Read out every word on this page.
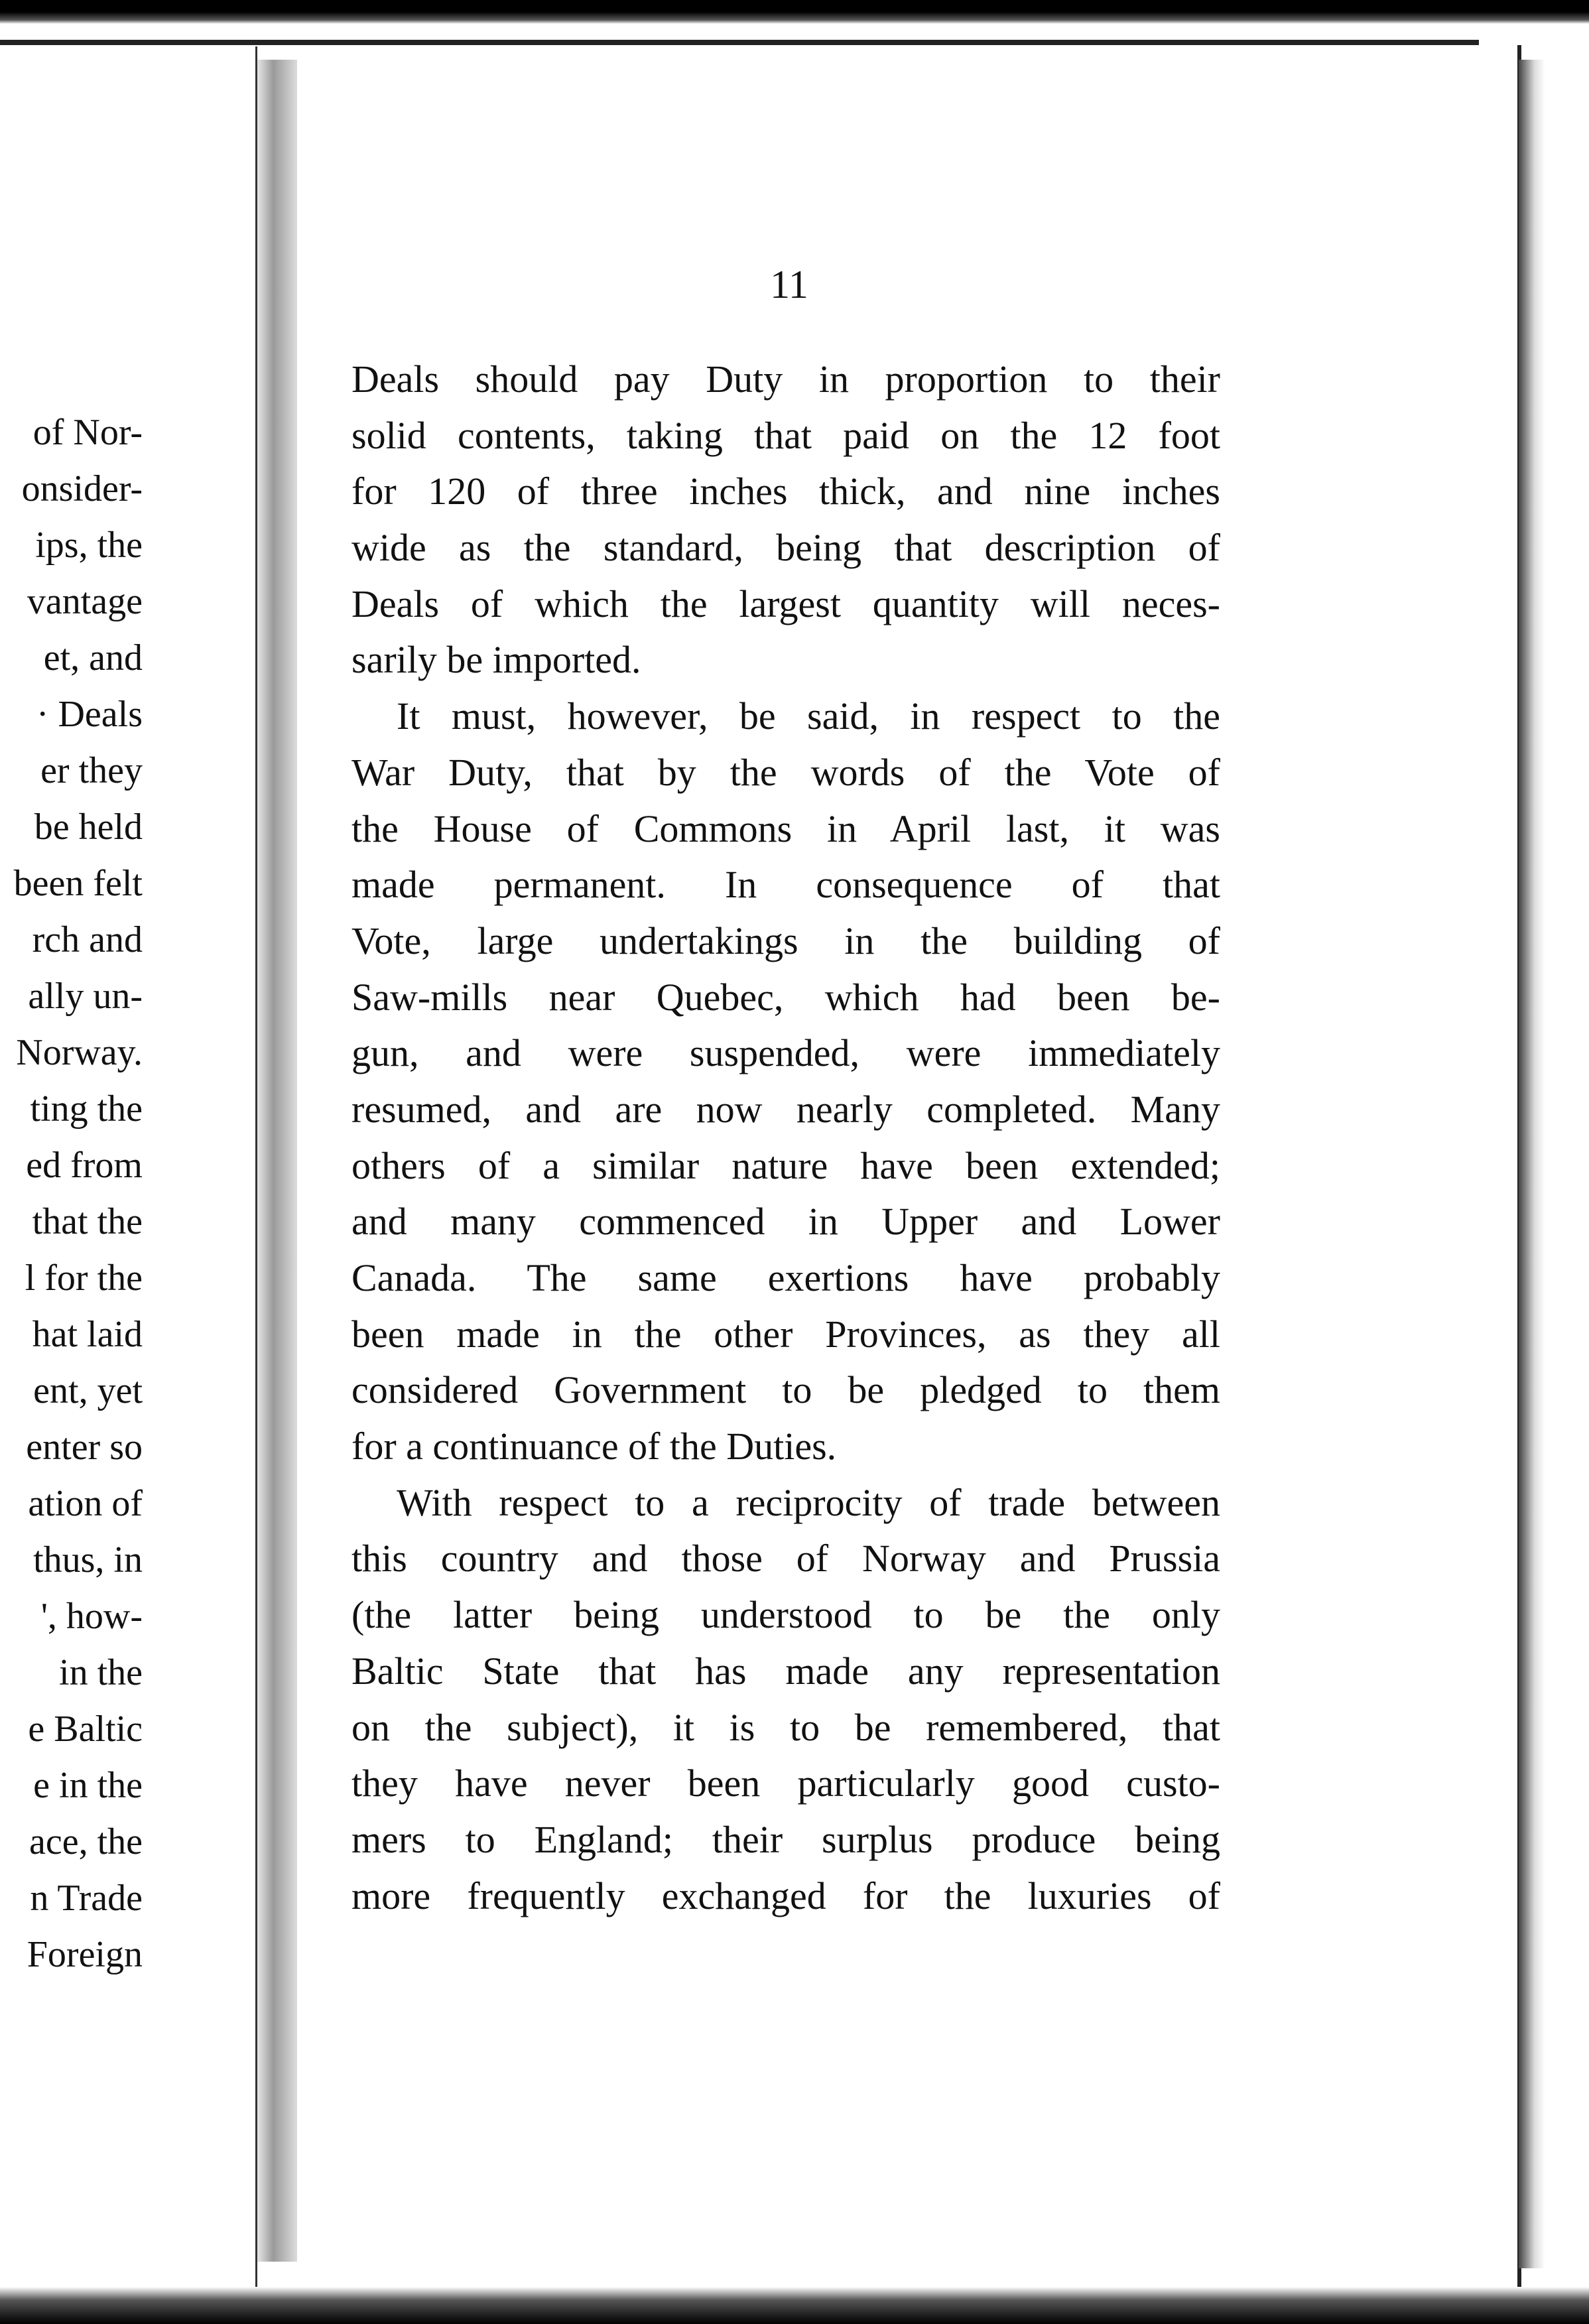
of Nor-
onsider-
ips, the
vantage
et, and
· Deals
er they
be held
been felt
rch and
ally un-
Norway.
ting the
ed from
that the
l for the
hat laid
ent, yet
enter so
ation of
thus, in
', how-
in the
e Baltic
e in the
ace, the
n Trade
Foreign
11
Deals should pay Duty in proportion to their
solid contents, taking that paid on the 12 foot
for 120 of three inches thick, and nine inches
wide as the standard, being that description of
Deals of which the largest quantity will neces-
sarily be imported.
It must, however, be said, in respect to the
War Duty, that by the words of the Vote of
the House of Commons in April last, it was
made permanent. In consequence of that
Vote, large undertakings in the building of
Saw-mills near Quebec, which had been be-
gun, and were suspended, were immediately
resumed, and are now nearly completed. Many
others of a similar nature have been extended;
and many commenced in Upper and Lower
Canada. The same exertions have probably
been made in the other Provinces, as they all
considered Government to be pledged to them
for a continuance of the Duties.
With respect to a reciprocity of trade between
this country and those of Norway and Prussia
(the latter being understood to be the only
Baltic State that has made any representation
on the subject), it is to be remembered, that
they have never been particularly good custo-
mers to England; their surplus produce being
more frequently exchanged for the luxuries of
